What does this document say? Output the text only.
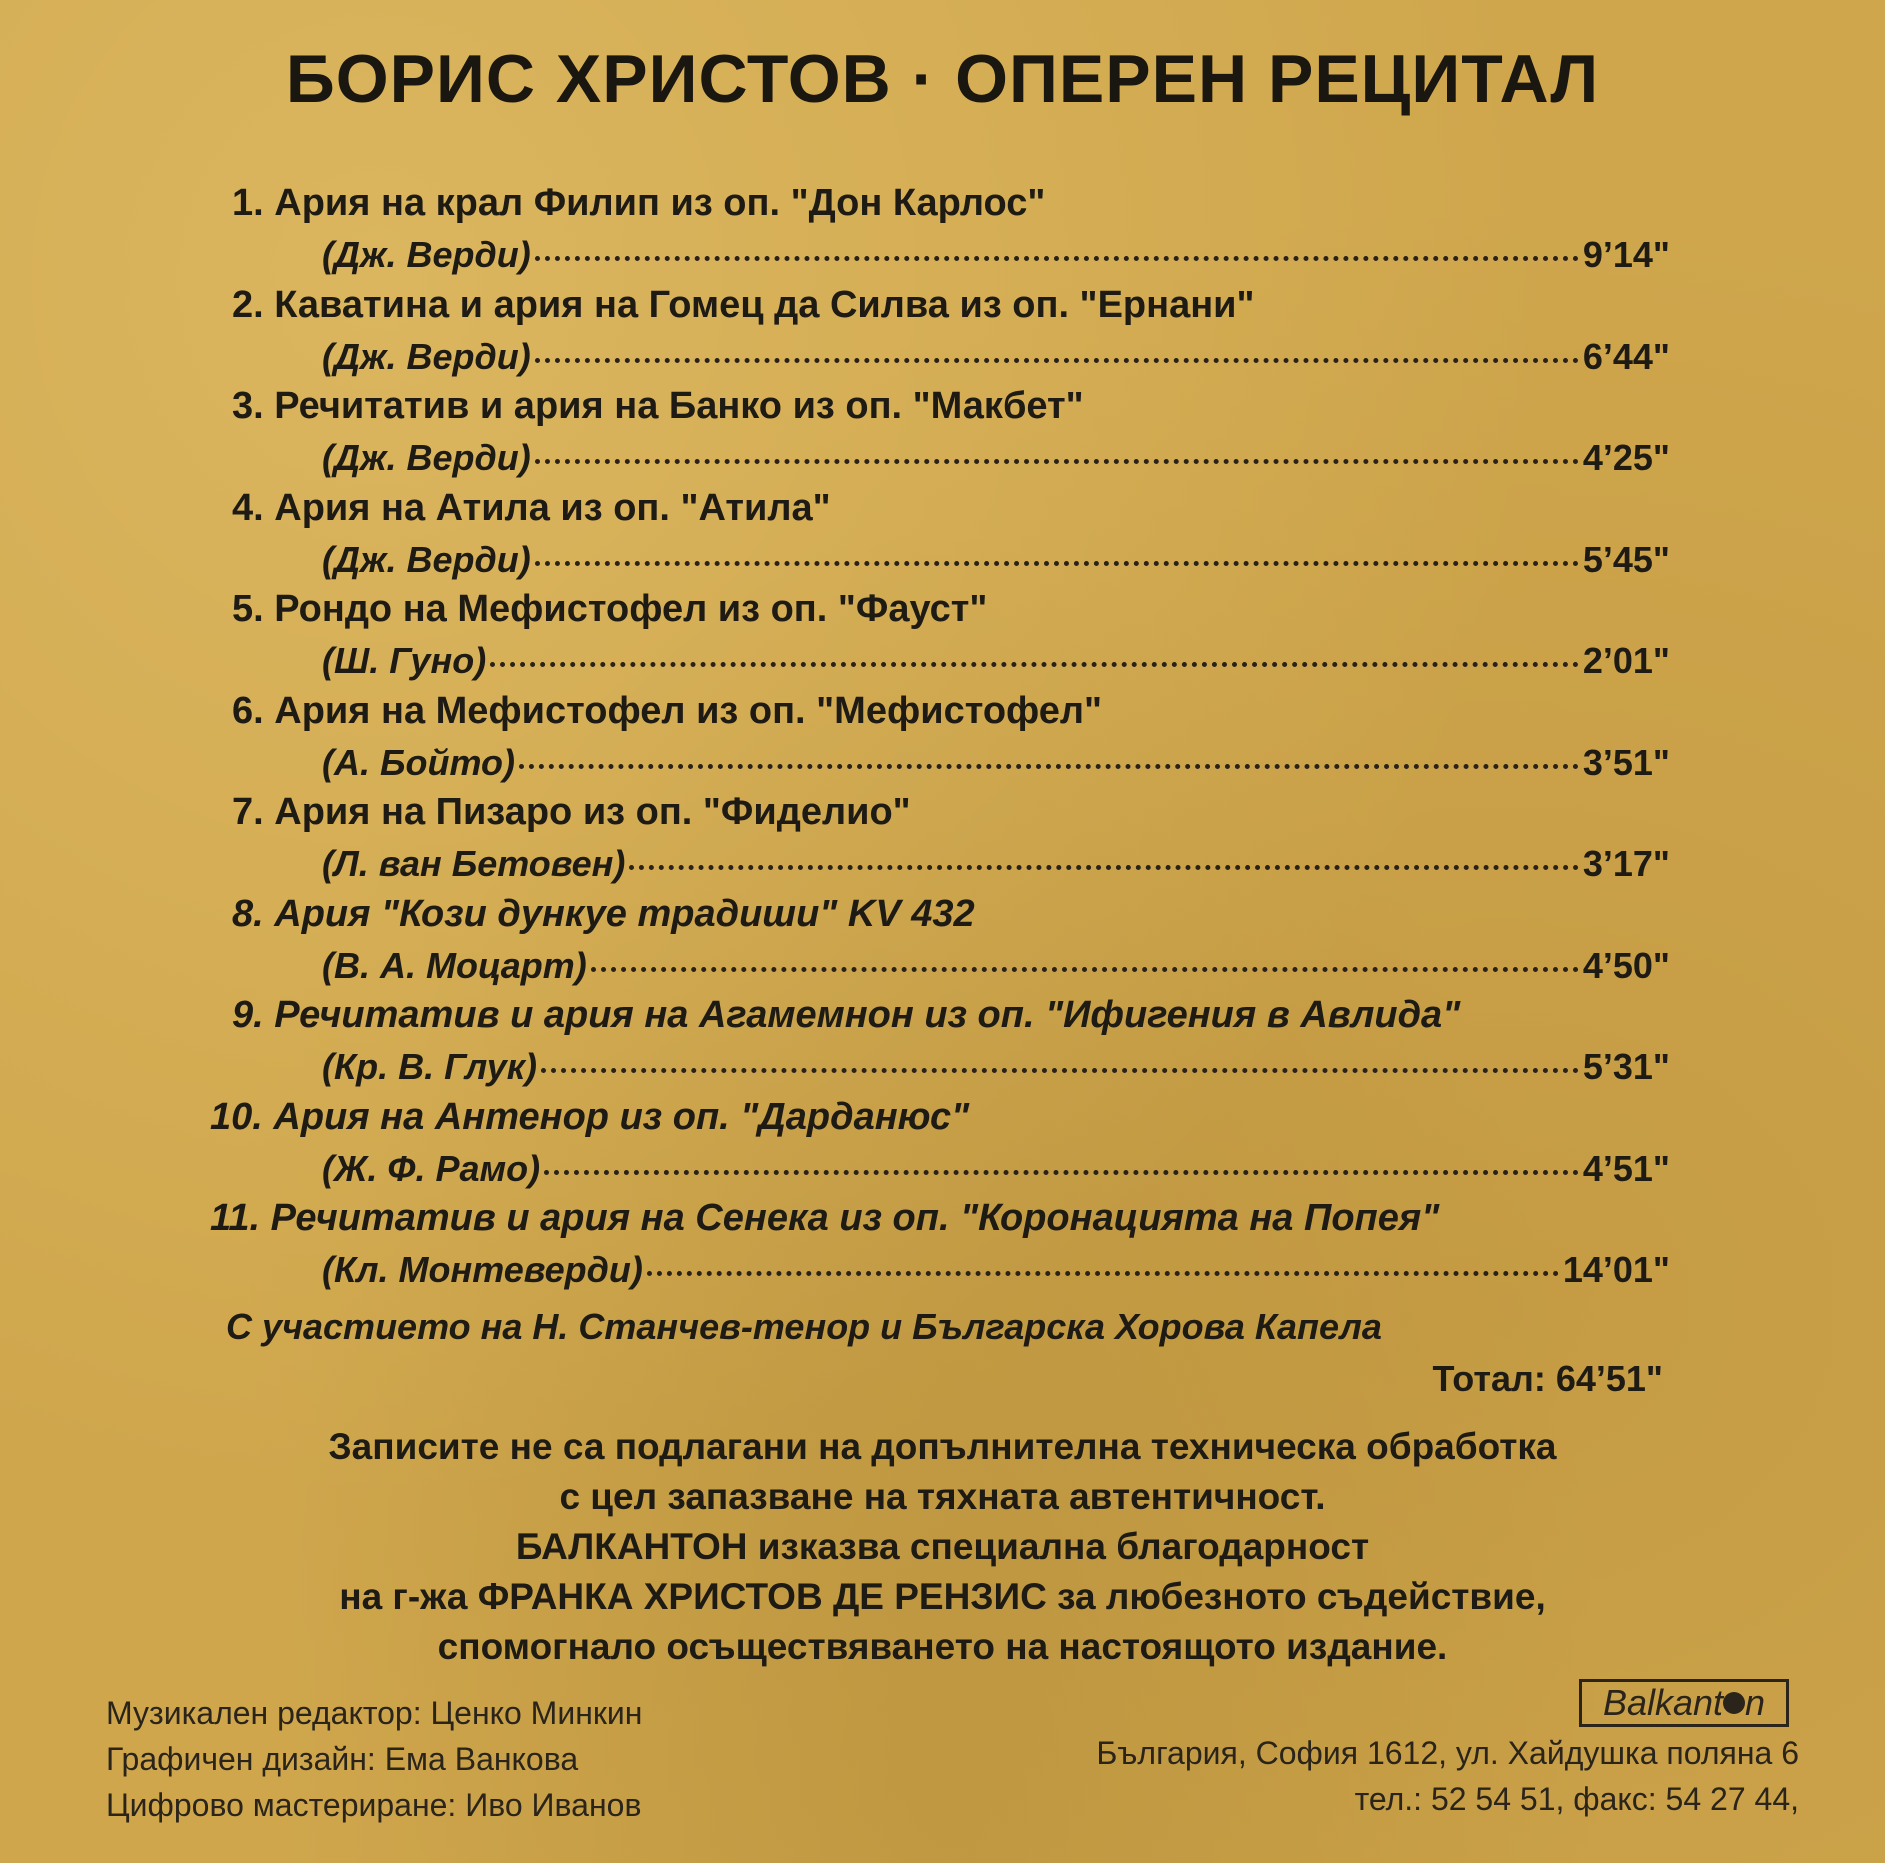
БОРИС ХРИСТОВ · ОПЕРЕН РЕЦИТАЛ
1. Ария на крал Филип из оп. "Дон Карлос"
(Дж. Верди)	9’14"
2. Каватина и ария на Гомец да Силва из оп. "Ернани"
(Дж. Верди)	6’44"
3. Речитатив и ария на Банко из оп. "Макбет"
(Дж. Верди)	4’25"
4. Ария на Атила из оп. "Атила"
(Дж. Верди)	5’45"
5. Рондо на Мефистофел из оп. "Фауст"
(Ш. Гуно)	2’01"
6. Ария на Мефистофел из оп. "Мефистофел"
(А. Бойто)	3’51"
7. Ария на Пизаро из оп. "Фиделио"
(Л. ван Бетовен)	3’17"
8. Ария "Кози дункуе традиши" KV 432
(В. А. Моцарт)	4’50"
9. Речитатив и ария на Агамемнон из оп. "Ифигения в Авлида"
(Кр. В. Глук)	5’31"
10. Ария на Антенор из оп. "Дарданюс"
(Ж. Ф. Рамо)	4’51"
11. Речитатив и ария на Сенека из оп. "Коронацията на Попея"
(Кл. Монтеверди)	14’01"
С участието на Н. Станчев-тенор и Българска Хорова Капела
Тотал: 64’51"
Записите не са подлагани на допълнителна техническа обработка
с цел запазване на тяхната автентичност.
БАЛКАНТОН изказва специална благодарност
на г-жа ФРАНКА ХРИСТОВ ДЕ РЕНЗИС за любезното съдействие,
спомогнало осъществяването на настоящото издание.
Музикален редактор: Ценко Минкин
Графичен дизайн: Ема Ванкова
Цифрово мастериране: Иво Иванов
Balkant n
България, София 1612, ул. Хайдушка поляна 6
тел.: 52 54 51, факс: 54 27 44,
